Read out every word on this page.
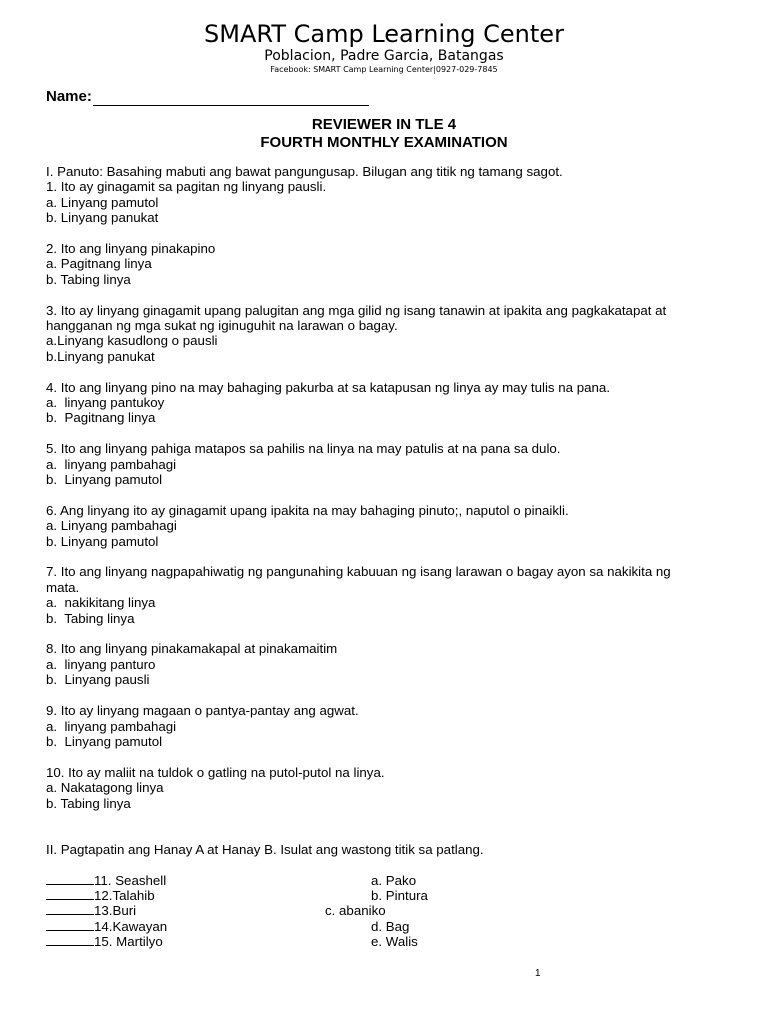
SMART Camp Learning Center
Poblacion, Padre Garcia, Batangas
Facebook: SMART Camp Learning Center|0927-029-7845
Name:
REVIEWER IN TLE 4
FOURTH MONTHLY EXAMINATION
I. Panuto: Basahing mabuti ang bawat pangungusap. Bilugan ang titik ng tamang sagot.
1. Ito ay ginagamit sa pagitan ng linyang pausli.
a. Linyang pamutol
b. Linyang panukat
2. Ito ang linyang pinakapino
a. Pagitnang linya
b. Tabing linya
3. Ito ay linyang ginagamit upang palugitan ang mga gilid ng isang tanawin at ipakita ang pagkakatapat at
hangganan ng mga sukat ng iginuguhit na larawan o bagay.
a.Linyang kasudlong o pausli
b.Linyang panukat
4. Ito ang linyang pino na may bahaging pakurba at sa katapusan ng linya ay may tulis na pana.
a.  linyang pantukoy
b.  Pagitnang linya
5. Ito ang linyang pahiga matapos sa pahilis na linya na may patulis at na pana sa dulo.
a.  linyang pambahagi
b.  Linyang pamutol
6. Ang linyang ito ay ginagamit upang ipakita na may bahaging pinuto;, naputol o pinaikli.
a. Linyang pambahagi
b. Linyang pamutol
7. Ito ang linyang nagpapahiwatig ng pangunahing kabuuan ng isang larawan o bagay ayon sa nakikita ng
mata.
a.  nakikitang linya
b.  Tabing linya
8. Ito ang linyang pinakamakapal at pinakamaitim
a.  linyang panturo
b.  Linyang pausli
9. Ito ay linyang magaan o pantya-pantay ang agwat.
a.  linyang pambahagi
b.  Linyang pamutol
10. Ito ay maliit na tuldok o gatling na putol-putol na linya.
a. Nakatagong linya
b. Tabing linya
II. Pagtapatin ang Hanay A at Hanay B. Isulat ang wastong titik sa patlang.
11. Seashell	a. Pako
12.Talahib	b. Pintura
13.Buri	c. abaniko
14.Kawayan	d. Bag
15. Martilyo	e. Walis
1
